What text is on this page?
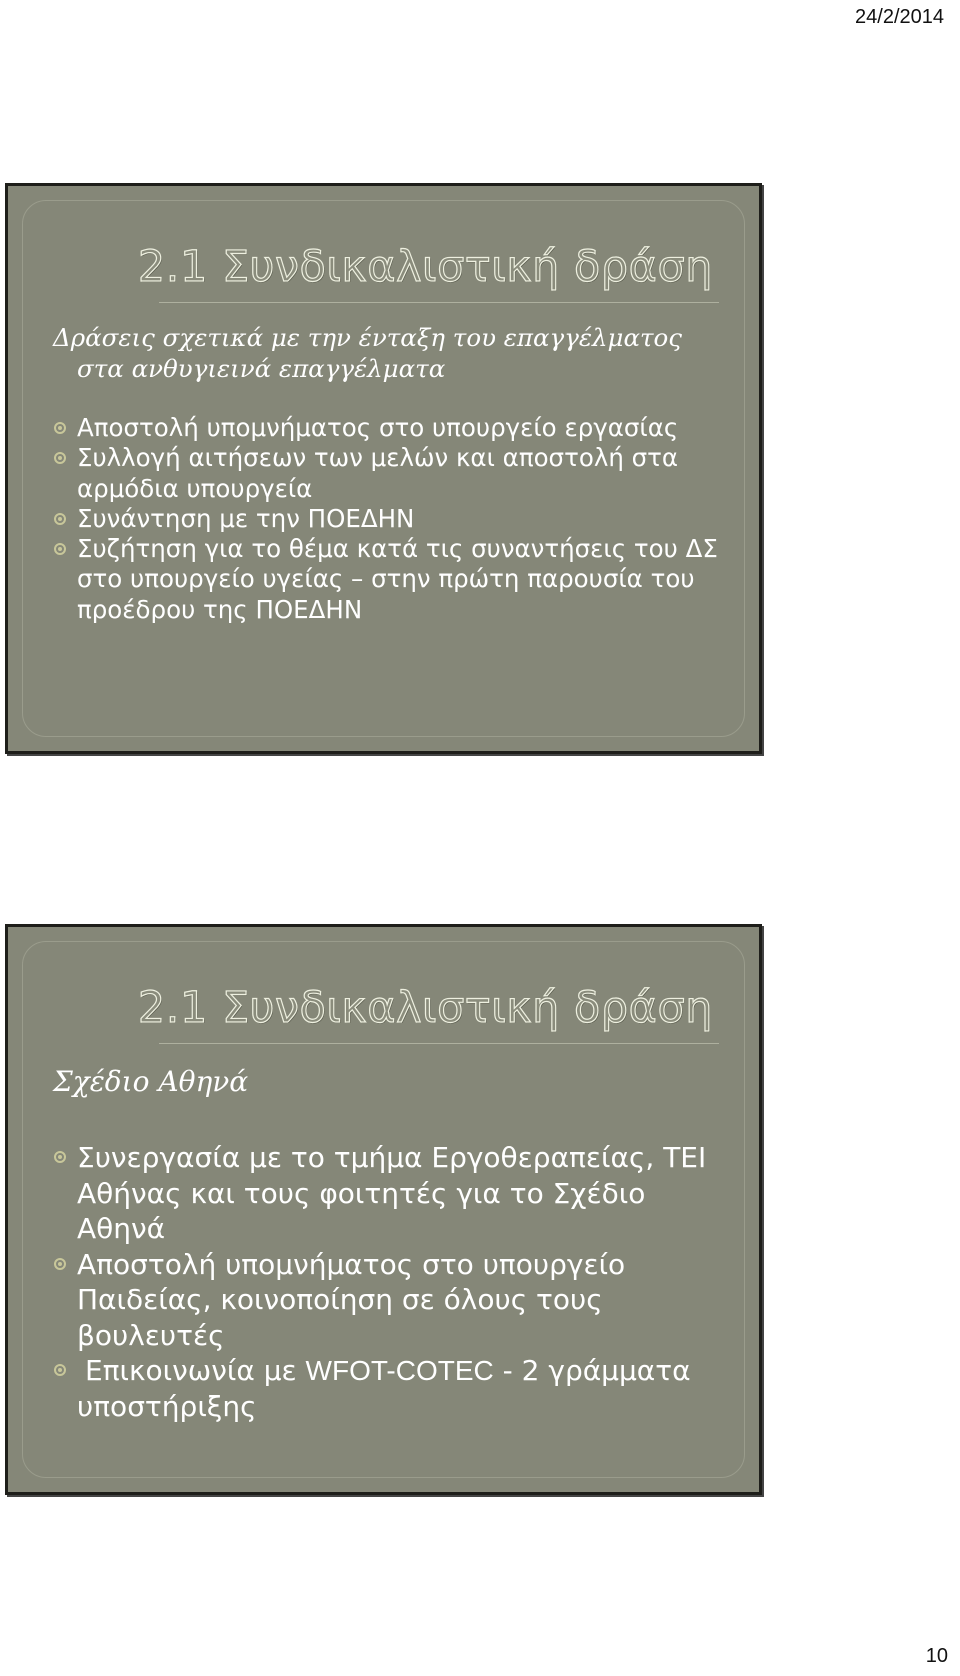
24/2/2014
2.1 Συνδικαλιστική δράση
Δράσεις σχετικά με την ένταξη του επαγγέλματος
στα ανθυγιεινά επαγγέλματα
Αποστολή υπομνήματος στο υπουργείο εργασίας
Συλλογή αιτήσεων των μελών και αποστολή στα αρμόδια υπουργεία
Συνάντηση με την ΠΟΕΔΗΝ
Συζήτηση για το θέμα κατά τις συναντήσεις του ΔΣ στο υπουργείο υγείας – στην πρώτη παρουσία του προέδρου της ΠΟΕΔΗΝ
2.1 Συνδικαλιστική δράση
Σχέδιο Αθηνά
Συνεργασία με το τμήμα Εργοθεραπείας, ΤΕΙ Αθήνας και τους φοιτητές για το Σχέδιο Αθηνά
Αποστολή υπομνήματος στο υπουργείο Παιδείας, κοινοποίηση σε όλους τους βουλευτές
Επικοινωνία με WFOT-COTEC - 2 γράμματα υποστήριξης
10
